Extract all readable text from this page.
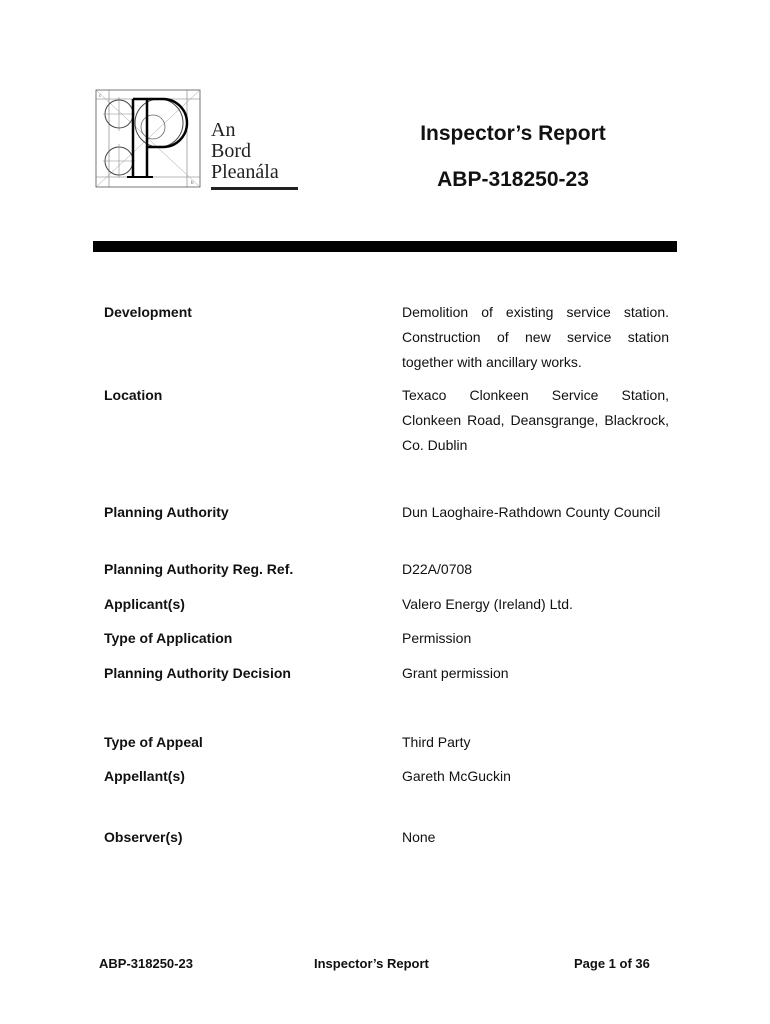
c
b
An
Bord
Pleanála
Inspector’s Report
ABP-318250-23
Development	Demolition of existing service station. Construction of new service station together with ancillary works.
Location	Texaco Clonkeen Service Station, Clonkeen Road, Deansgrange, Blackrock, Co. Dublin
Planning Authority	Dun Laoghaire-Rathdown County Council
Planning Authority Reg. Ref.	D22A/0708
Applicant(s)	Valero Energy (Ireland) Ltd.
Type of Application	Permission
Planning Authority Decision	Grant permission
Type of Appeal	Third Party
Appellant(s)	Gareth McGuckin
Observer(s)	None
ABP-318250-23	Inspector’s Report	Page 1 of 36
